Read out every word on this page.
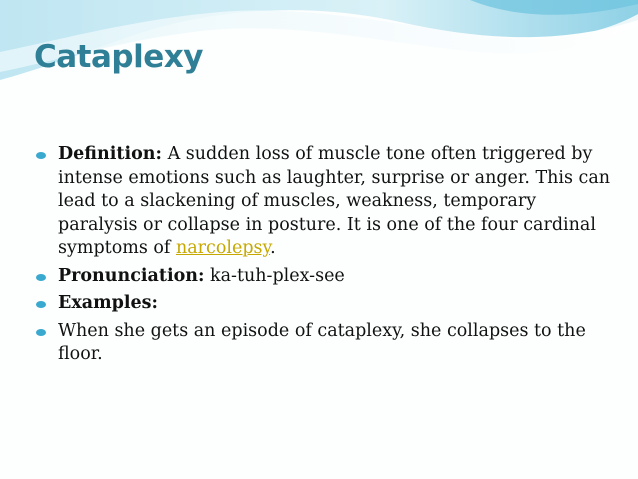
Cataplexy
Definition: A sudden loss of muscle tone often triggered by intense emotions such as laughter, surprise or anger. This can lead to a slackening of muscles, weakness, temporary paralysis or collapse in posture. It is one of the four cardinal symptoms of narcolepsy.
Pronunciation: ka-tuh-plex-see
Examples:
When she gets an episode of cataplexy, she collapses to the floor.
